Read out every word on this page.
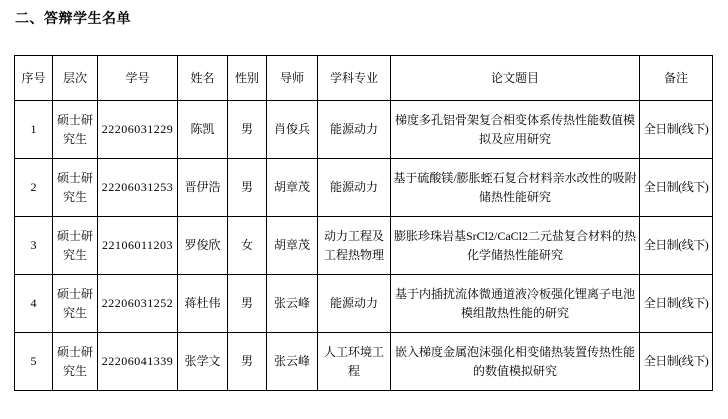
二、答辩学生名单
序号	层次	学号	姓名	性别	导师	学科专业	论文题目	备注
1	硕士研究生	22206031229	陈凯	男	肖俊兵	能源动力	梯度多孔铝骨架复合相变体系传热性能数值模拟及应用研究	全日制(线下)
2	硕士研究生	22206031253	晋伊浩	男	胡章茂	能源动力	基于硫酸镁/膨胀蛭石复合材料亲水改性的吸附储热性能研究	全日制(线下)
3	硕士研究生	22106011203	罗俊欣	女	胡章茂	动力工程及工程热物理	膨胀珍珠岩基SrCl2/CaCl2二元盐复合材料的热化学储热性能研究	全日制(线下)
4	硕士研究生	22206031252	蒋杜伟	男	张云峰	能源动力	基于内插扰流体微通道液冷板强化锂离子电池模组散热性能的研究	全日制(线下)
5	硕士研究生	22206041339	张学文	男	张云峰	人工环境工程	嵌入梯度金属泡沫强化相变储热装置传热性能的数值模拟研究	全日制(线下)
